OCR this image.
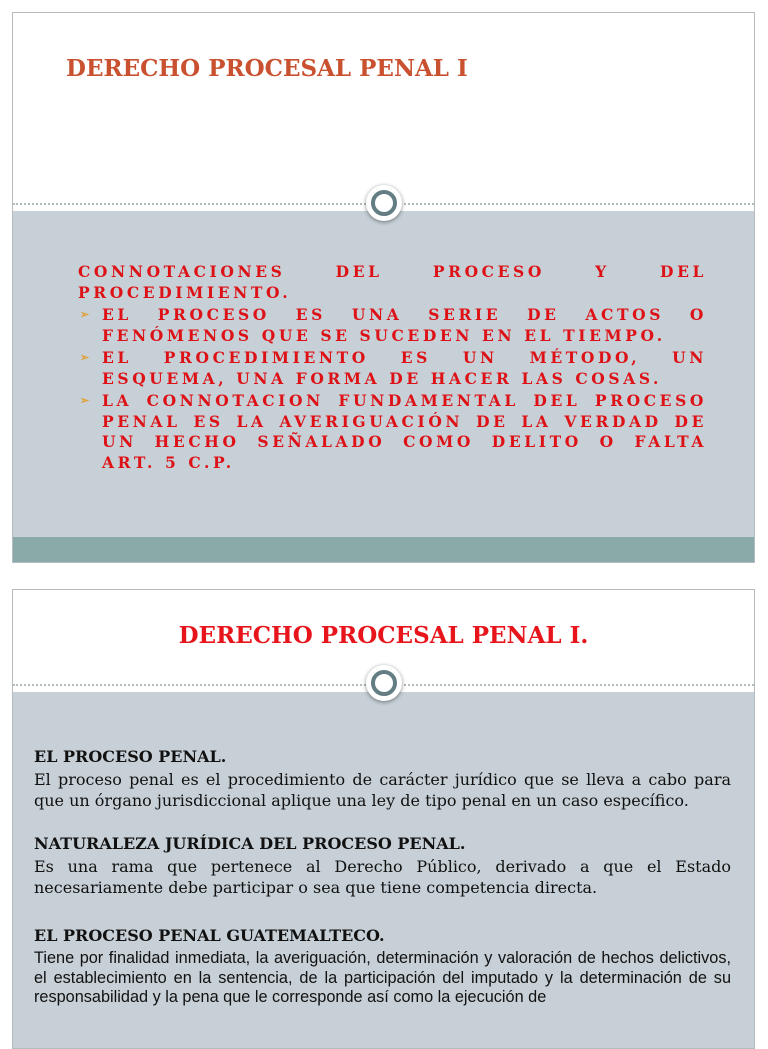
DERECHO PROCESAL PENAL I

CONNOTACIONES DEL PROCESO Y DEL PROCEDIMIENTO.

➢ EL PROCESO ES UNA SERIE DE ACTOS O FENÓMENOS QUE SE SUCEDEN EN EL TIEMPO.
➢ EL PROCEDIMIENTO ES UN MÉTODO, UN ESQUEMA, UNA FORMA DE HACER LAS COSAS.
➢ LA CONNOTACION FUNDAMENTAL DEL PROCESO PENAL ES LA AVERIGUACIÓN DE LA VERDAD DE UN HECHO SEÑALADO COMO DELITO O FALTA ART. 5 C.P.
DERECHO PROCESAL PENAL I.

EL PROCESO PENAL.

El proceso penal es el procedimiento de carácter jurídico que se lleva a cabo para que un órgano jurisdiccional aplique una ley de tipo penal en un caso específico.

NATURALEZA JURÍDICA DEL PROCESO PENAL.

Es una rama que pertenece al Derecho Público, derivado a que el Estado necesariamente debe participar o sea que tiene competencia directa.

EL PROCESO PENAL GUATEMALTECO.

Tiene por finalidad inmediata, la averiguación, determinación y valoración de hechos delictivos, el establecimiento en la sentencia, de la participación del imputado y la determinación de su responsabilidad y la pena que le corresponde así como la ejecución de
